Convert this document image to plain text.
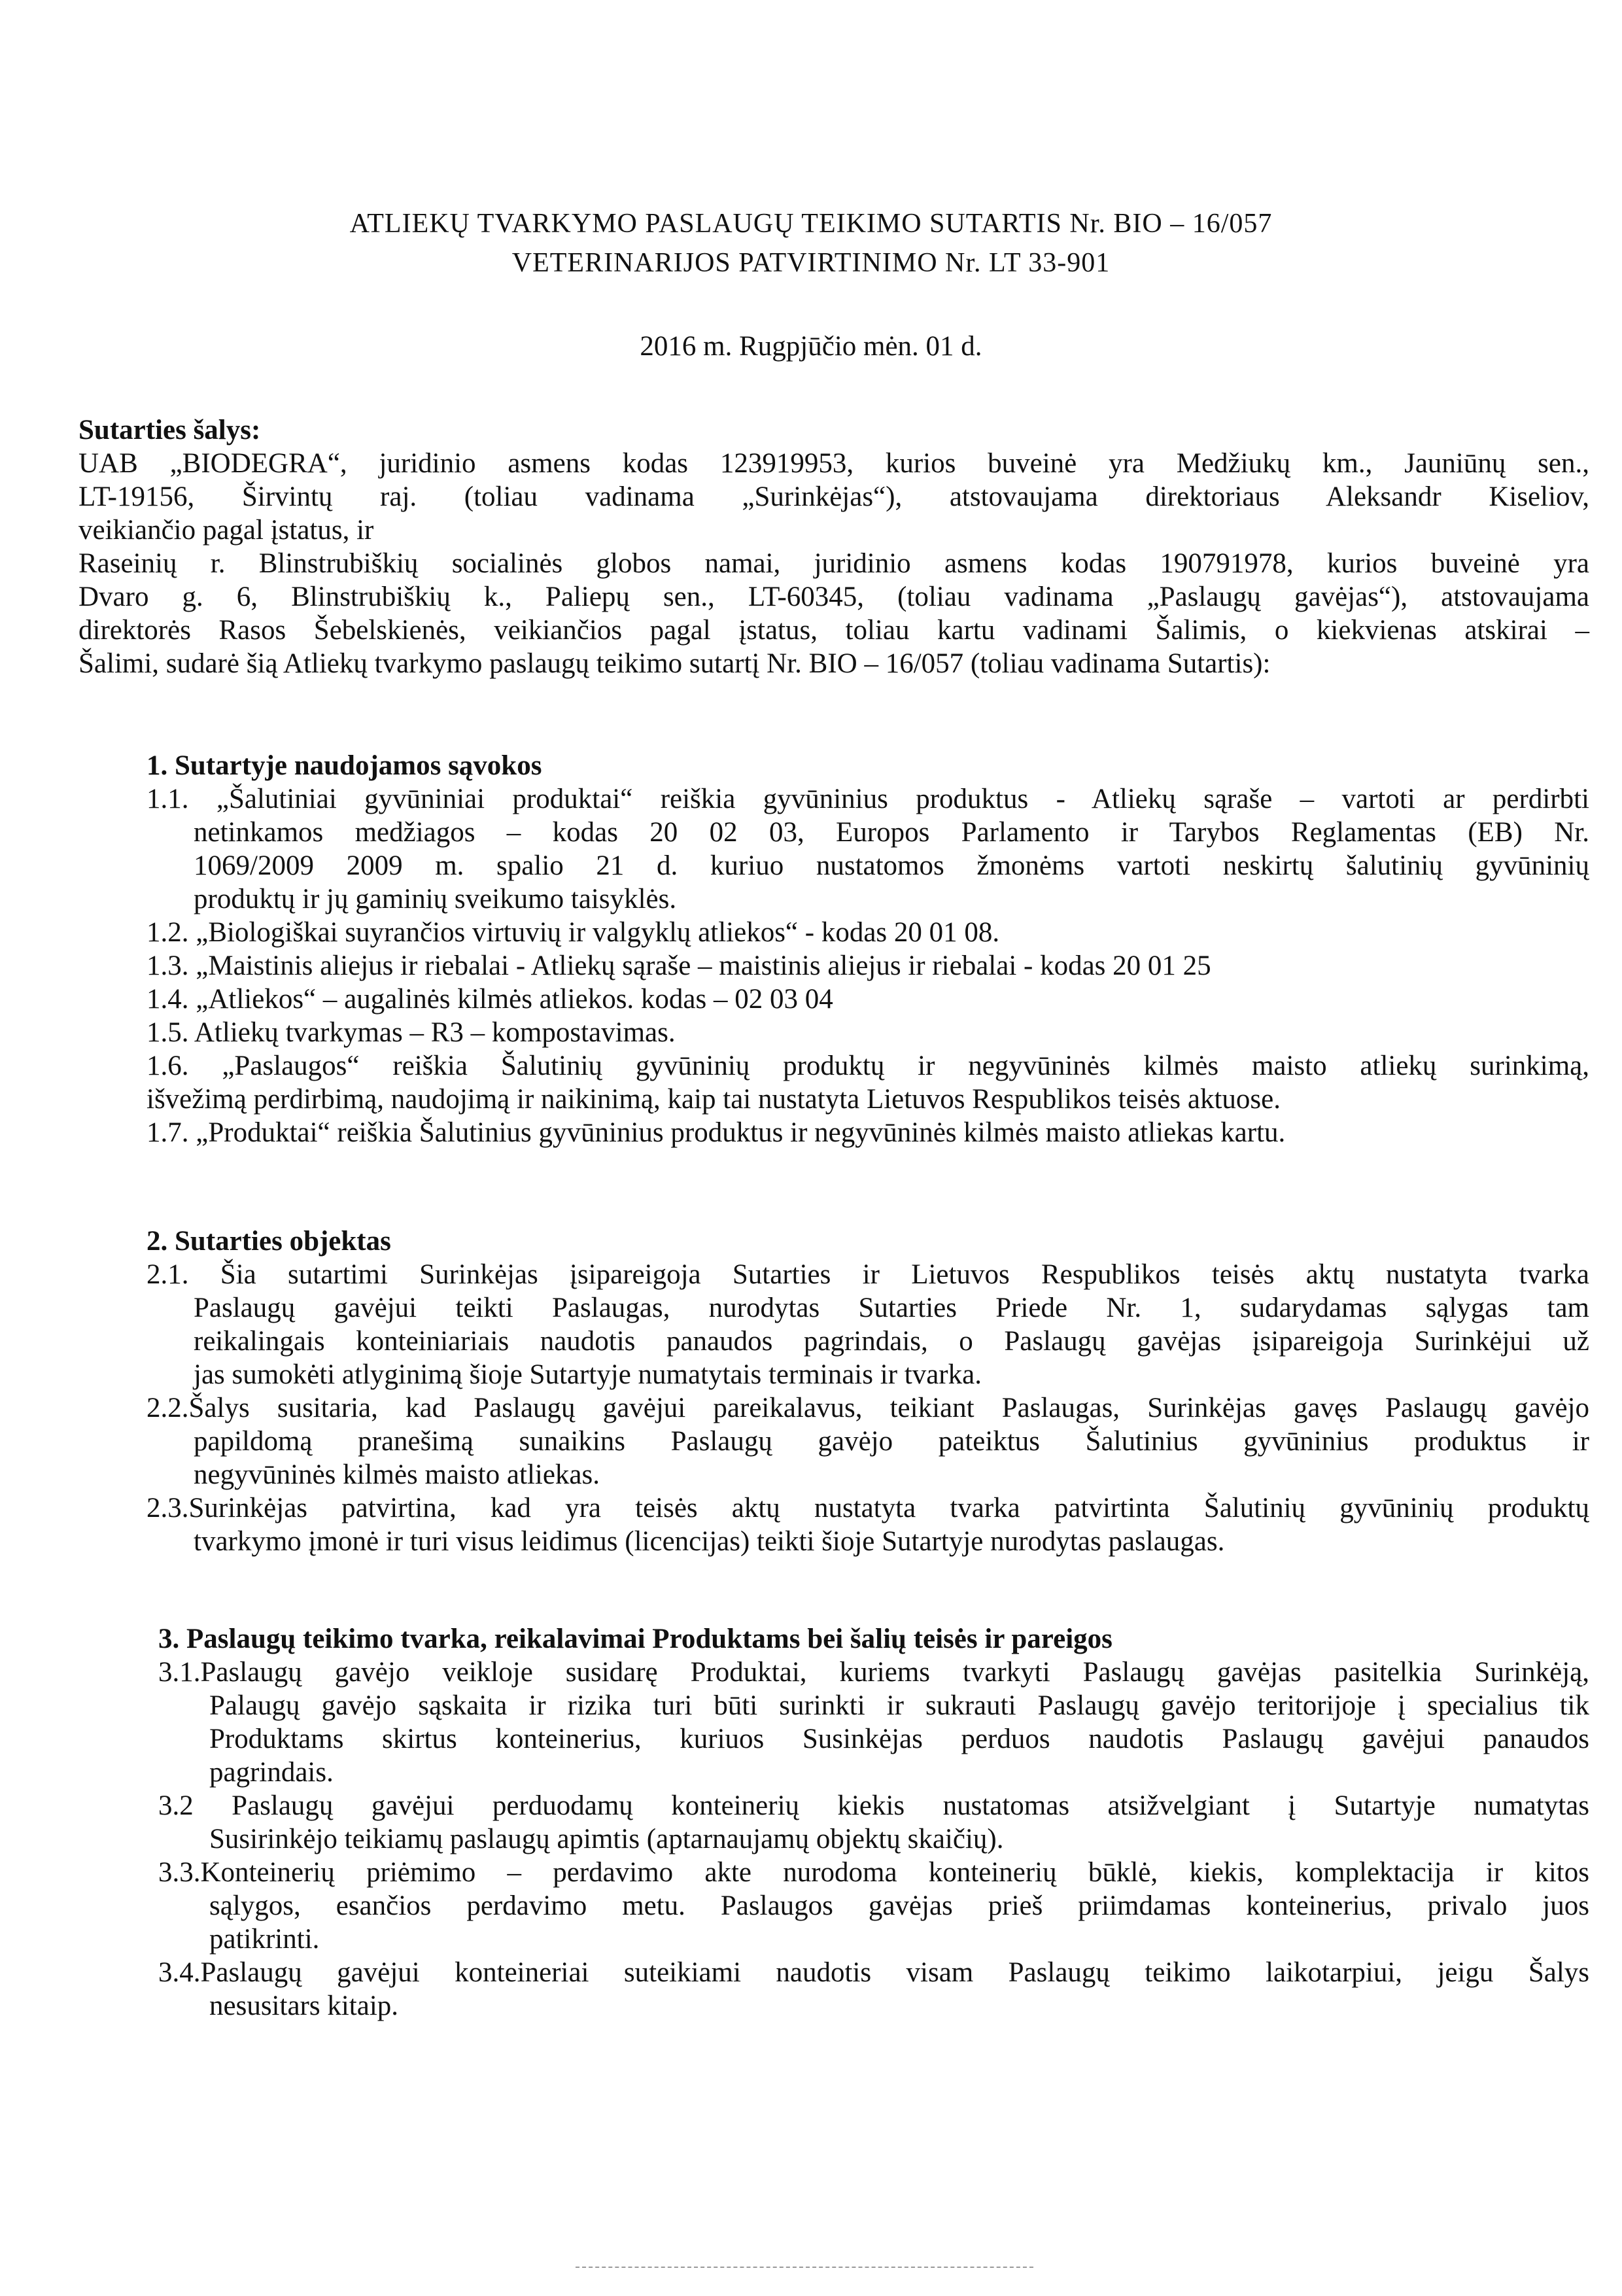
ATLIEKŲ TVARKYMO PASLAUGŲ TEIKIMO SUTARTIS Nr. BIO – 16/057
VETERINARIJOS PATVIRTINIMO Nr. LT 33-901
2016 m. Rugpjūčio mėn. 01 d.
Sutarties šalys:
UAB „BIODEGRA“, juridinio asmens kodas 123919953, kurios buveinė yra Medžiukų km., Jauniūnų sen.,
LT-19156, Širvintų raj. (toliau vadinama „Surinkėjas“), atstovaujama direktoriaus Aleksandr Kiseliov,
veikiančio pagal įstatus, ir
Raseinių r. Blinstrubiškių socialinės globos namai, juridinio asmens kodas 190791978, kurios buveinė yra
Dvaro g. 6, Blinstrubiškių k., Paliepų sen., LT-60345, (toliau vadinama „Paslaugų gavėjas“), atstovaujama
direktorės Rasos Šebelskienės, veikiančios pagal įstatus, toliau kartu vadinami Šalimis, o kiekvienas atskirai –
Šalimi, sudarė šią Atliekų tvarkymo paslaugų teikimo sutartį Nr. BIO – 16/057 (toliau vadinama Sutartis):
1. Sutartyje naudojamos sąvokos
1.1. „Šalutiniai gyvūniniai produktai“ reiškia gyvūninius produktus - Atliekų sąraše – vartoti ar perdirbti
netinkamos medžiagos – kodas 20 02 03, Europos Parlamento ir Tarybos Reglamentas (EB) Nr.
1069/2009 2009 m. spalio 21 d. kuriuo nustatomos žmonėms vartoti neskirtų šalutinių gyvūninių
produktų ir jų gaminių sveikumo taisyklės.
1.2. „Biologiškai suyrančios virtuvių ir valgyklų atliekos“ - kodas 20 01 08.
1.3. „Maistinis aliejus ir riebalai - Atliekų sąraše – maistinis aliejus ir riebalai - kodas 20 01 25
1.4. „Atliekos“ – augalinės kilmės atliekos. kodas – 02 03 04
1.5. Atliekų tvarkymas – R3 – kompostavimas.
1.6. „Paslaugos“ reiškia Šalutinių gyvūninių produktų ir negyvūninės kilmės maisto atliekų surinkimą,
išvežimą perdirbimą, naudojimą ir naikinimą, kaip tai nustatyta Lietuvos Respublikos teisės aktuose.
1.7. „Produktai“ reiškia Šalutinius gyvūninius produktus ir negyvūninės kilmės maisto atliekas kartu.
2. Sutarties objektas
2.1. Šia sutartimi Surinkėjas įsipareigoja Sutarties ir Lietuvos Respublikos teisės aktų nustatyta tvarka
Paslaugų gavėjui teikti Paslaugas, nurodytas Sutarties Priede Nr. 1, sudarydamas sąlygas tam
reikalingais konteiniariais naudotis panaudos pagrindais, o Paslaugų gavėjas įsipareigoja Surinkėjui už
jas sumokėti atlyginimą šioje Sutartyje numatytais terminais ir tvarka.
2.2.Šalys susitaria, kad Paslaugų gavėjui pareikalavus, teikiant Paslaugas, Surinkėjas gavęs Paslaugų gavėjo
papildomą pranešimą sunaikins Paslaugų gavėjo pateiktus Šalutinius gyvūninius produktus ir
negyvūninės kilmės maisto atliekas.
2.3.Surinkėjas patvirtina, kad yra teisės aktų nustatyta tvarka patvirtinta Šalutinių gyvūninių produktų
tvarkymo įmonė ir turi visus leidimus (licencijas) teikti šioje Sutartyje nurodytas paslaugas.
3. Paslaugų teikimo tvarka, reikalavimai Produktams bei šalių teisės ir pareigos
3.1.Paslaugų gavėjo veikloje susidarę Produktai, kuriems tvarkyti Paslaugų gavėjas pasitelkia Surinkėją,
Palaugų gavėjo sąskaita ir rizika turi būti surinkti ir sukrauti Paslaugų gavėjo teritorijoje į specialius tik
Produktams skirtus konteinerius, kuriuos Susinkėjas perduos naudotis Paslaugų gavėjui panaudos
pagrindais.
3.2 Paslaugų gavėjui perduodamų konteinerių kiekis nustatomas atsižvelgiant į Sutartyje numatytas
Susirinkėjo teikiamų paslaugų apimtis (aptarnaujamų objektų skaičių).
3.3.Konteinerių priėmimo – perdavimo akte nurodoma konteinerių būklė, kiekis, komplektacija ir kitos
sąlygos, esančios perdavimo metu. Paslaugos gavėjas prieš priimdamas konteinerius, privalo juos
patikrinti.
3.4.Paslaugų gavėjui konteineriai suteikiami naudotis visam Paslaugų teikimo laikotarpiui, jeigu Šalys
nesusitars kitaip.
